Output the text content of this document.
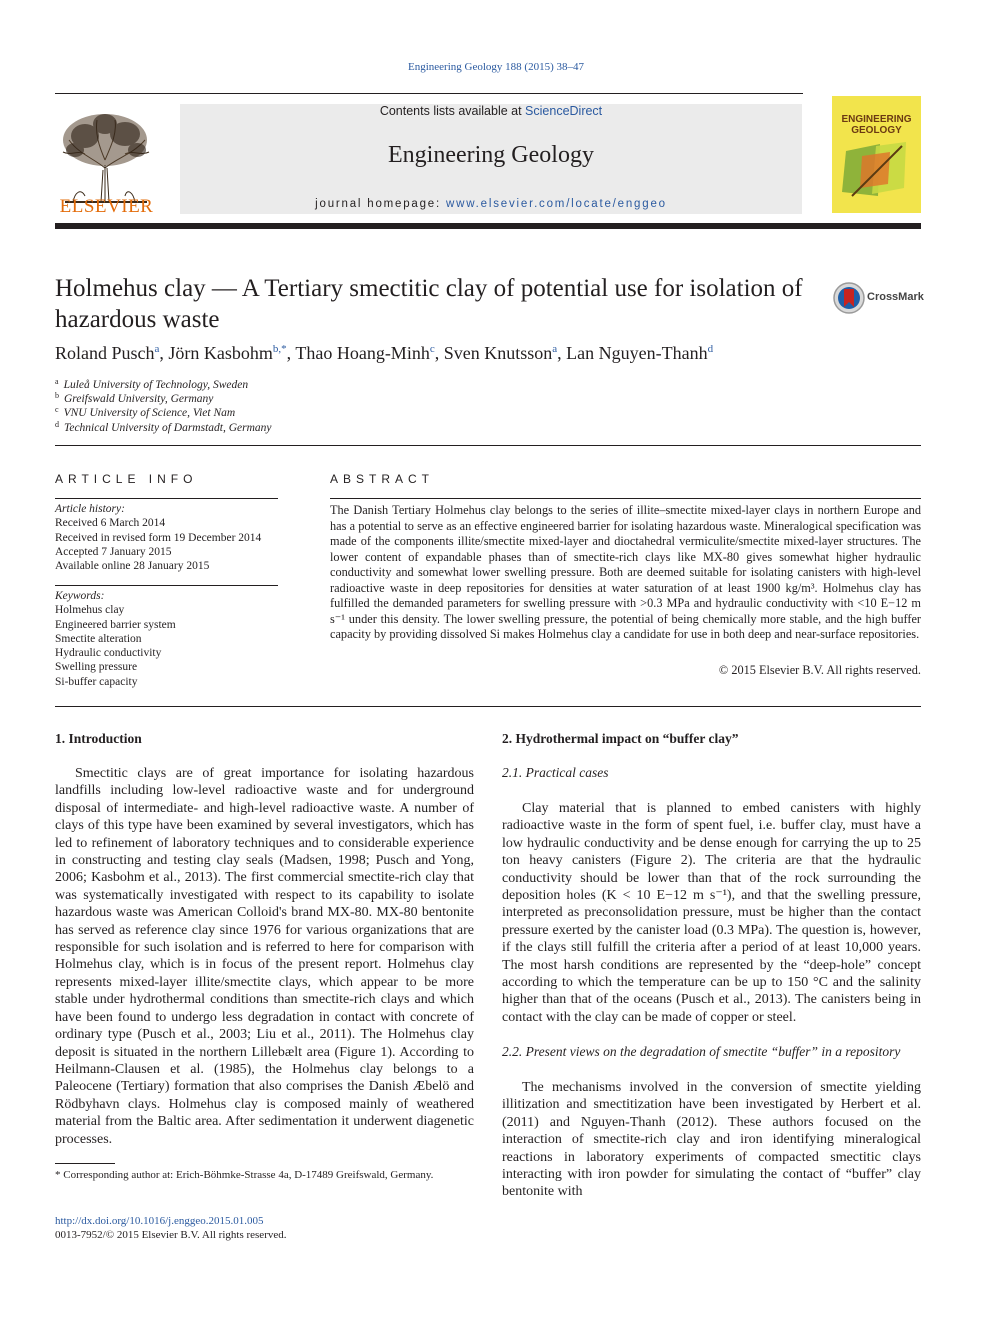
Engineering Geology 188 (2015) 38–47
ELSEVIER
Contents lists available at ScienceDirect
Engineering Geology
journal homepage: www.elsevier.com/locate/enggeo
ENGINEERING
GEOLOGY
Holmehus clay — A Tertiary smectitic clay of potential use for isolation of hazardous waste
CrossMark
Roland Pusch$^a$, Jörn Kasbohm$^{b,*}$, Thao Hoang-Minh$^c$, Sven Knutsson$^a$, Lan Nguyen-Thanh$^d$
$^a$ Luleå University of Technology, Sweden
$^b$ Greifswald University, Germany
$^c$ VNU University of Science, Viet Nam
$^d$ Technical University of Darmstadt, Germany
ARTICLE INFO
Article history:
Received 6 March 2014
Received in revised form 19 December 2014
Accepted 7 January 2015
Available online 28 January 2015
Keywords:
Holmehus clay
Engineered barrier system
Smectite alteration
Hydraulic conductivity
Swelling pressure
Si-buffer capacity
ABSTRACT
The Danish Tertiary Holmehus clay belongs to the series of illite–smectite mixed-layer clays in northern Europe and has a potential to serve as an effective engineered barrier for isolating hazardous waste. Mineralogical specification was made of the components illite/smectite mixed-layer and dioctahedral vermiculite/smectite mixed-layer structures. The lower content of expandable phases than of smectite-rich clays like MX-80 gives somewhat higher hydraulic conductivity and somewhat lower swelling pressure. Both are deemed suitable for isolating canisters with high-level radioactive waste in deep repositories for densities at water saturation of at least 1900 kg/m³. Holmehus clay has fulfilled the demanded parameters for swelling pressure with >0.3 MPa and hydraulic conductivity with <10 E−12 m s⁻¹ under this density. The lower swelling pressure, the potential of being chemically more stable, and the high buffer capacity by providing dissolved Si makes Holmehus clay a candidate for use in both deep and near-surface repositories.
© 2015 Elsevier B.V. All rights reserved.
1. Introduction

Smectitic clays are of great importance for isolating hazardous landfills including low-level radioactive waste and for underground disposal of intermediate- and high-level radioactive waste. A number of clays of this type have been examined by several investigators, which has led to refinement of laboratory techniques and to considerable experience in constructing and testing clay seals (Madsen, 1998; Pusch and Yong, 2006; Kasbohm et al., 2013). The first commercial smectite-rich clay that was systematically investigated with respect to its capability to isolate hazardous waste was American Colloid's brand MX-80. MX-80 bentonite has served as reference clay since 1976 for various organizations that are responsible for such isolation and is referred to here for comparison with Holmehus clay, which is in focus of the present report. Holmehus clay represents mixed-layer illite/smectite clays, which appear to be more stable under hydrothermal conditions than smectite-rich clays and which have been found to undergo less degradation in contact with concrete of ordinary type (Pusch et al., 2003; Liu et al., 2011). The Holmehus clay deposit is situated in the northern Lillebælt area (Figure 1). According to Heilmann-Clausen et al. (1985), the Holmehus clay belongs to a Paleocene (Tertiary) formation that also comprises the Danish Æbelö and Rödbyhavn clays. Holmehus clay is composed mainly of weathered material from the Baltic area. After sedimentation it underwent diagenetic processes.

* Corresponding author at: Erich-Böhmke-Strasse 4a, D-17489 Greifswald, Germany.
2. Hydrothermal impact on “buffer clay”
2.1. Practical cases

Clay material that is planned to embed canisters with highly radioactive waste in the form of spent fuel, i.e. buffer clay, must have a low hydraulic conductivity and be dense enough for carrying the up to 25 ton heavy canisters (Figure 2). The criteria are that the hydraulic conductivity should be lower than that of the rock surrounding the deposition holes (K < 10 E−12 m s⁻¹), and that the swelling pressure, interpreted as preconsolidation pressure, must be higher than the contact pressure exerted by the canister load (0.3 MPa). The question is, however, if the clays still fulfill the criteria after a period of at least 10,000 years. The most harsh conditions are represented by the “deep-hole” concept according to which the temperature can be up to 150 °C and the salinity higher than that of the oceans (Pusch et al., 2013). The canisters being in contact with the clay can be made of copper or steel.

2.2. Present views on the degradation of smectite “buffer” in a repository

The mechanisms involved in the conversion of smectite yielding illitization and smectitization have been investigated by Herbert et al. (2011) and Nguyen-Thanh (2012). These authors focused on the interaction of smectite-rich clay and iron identifying mineralogical reactions in laboratory experiments of compacted smectitic clays interacting with iron powder for simulating the contact of “buffer” clay bentonite with

http://dx.doi.org/10.1016/j.enggeo.2015.01.005
0013-7952/© 2015 Elsevier B.V. All rights reserved.
